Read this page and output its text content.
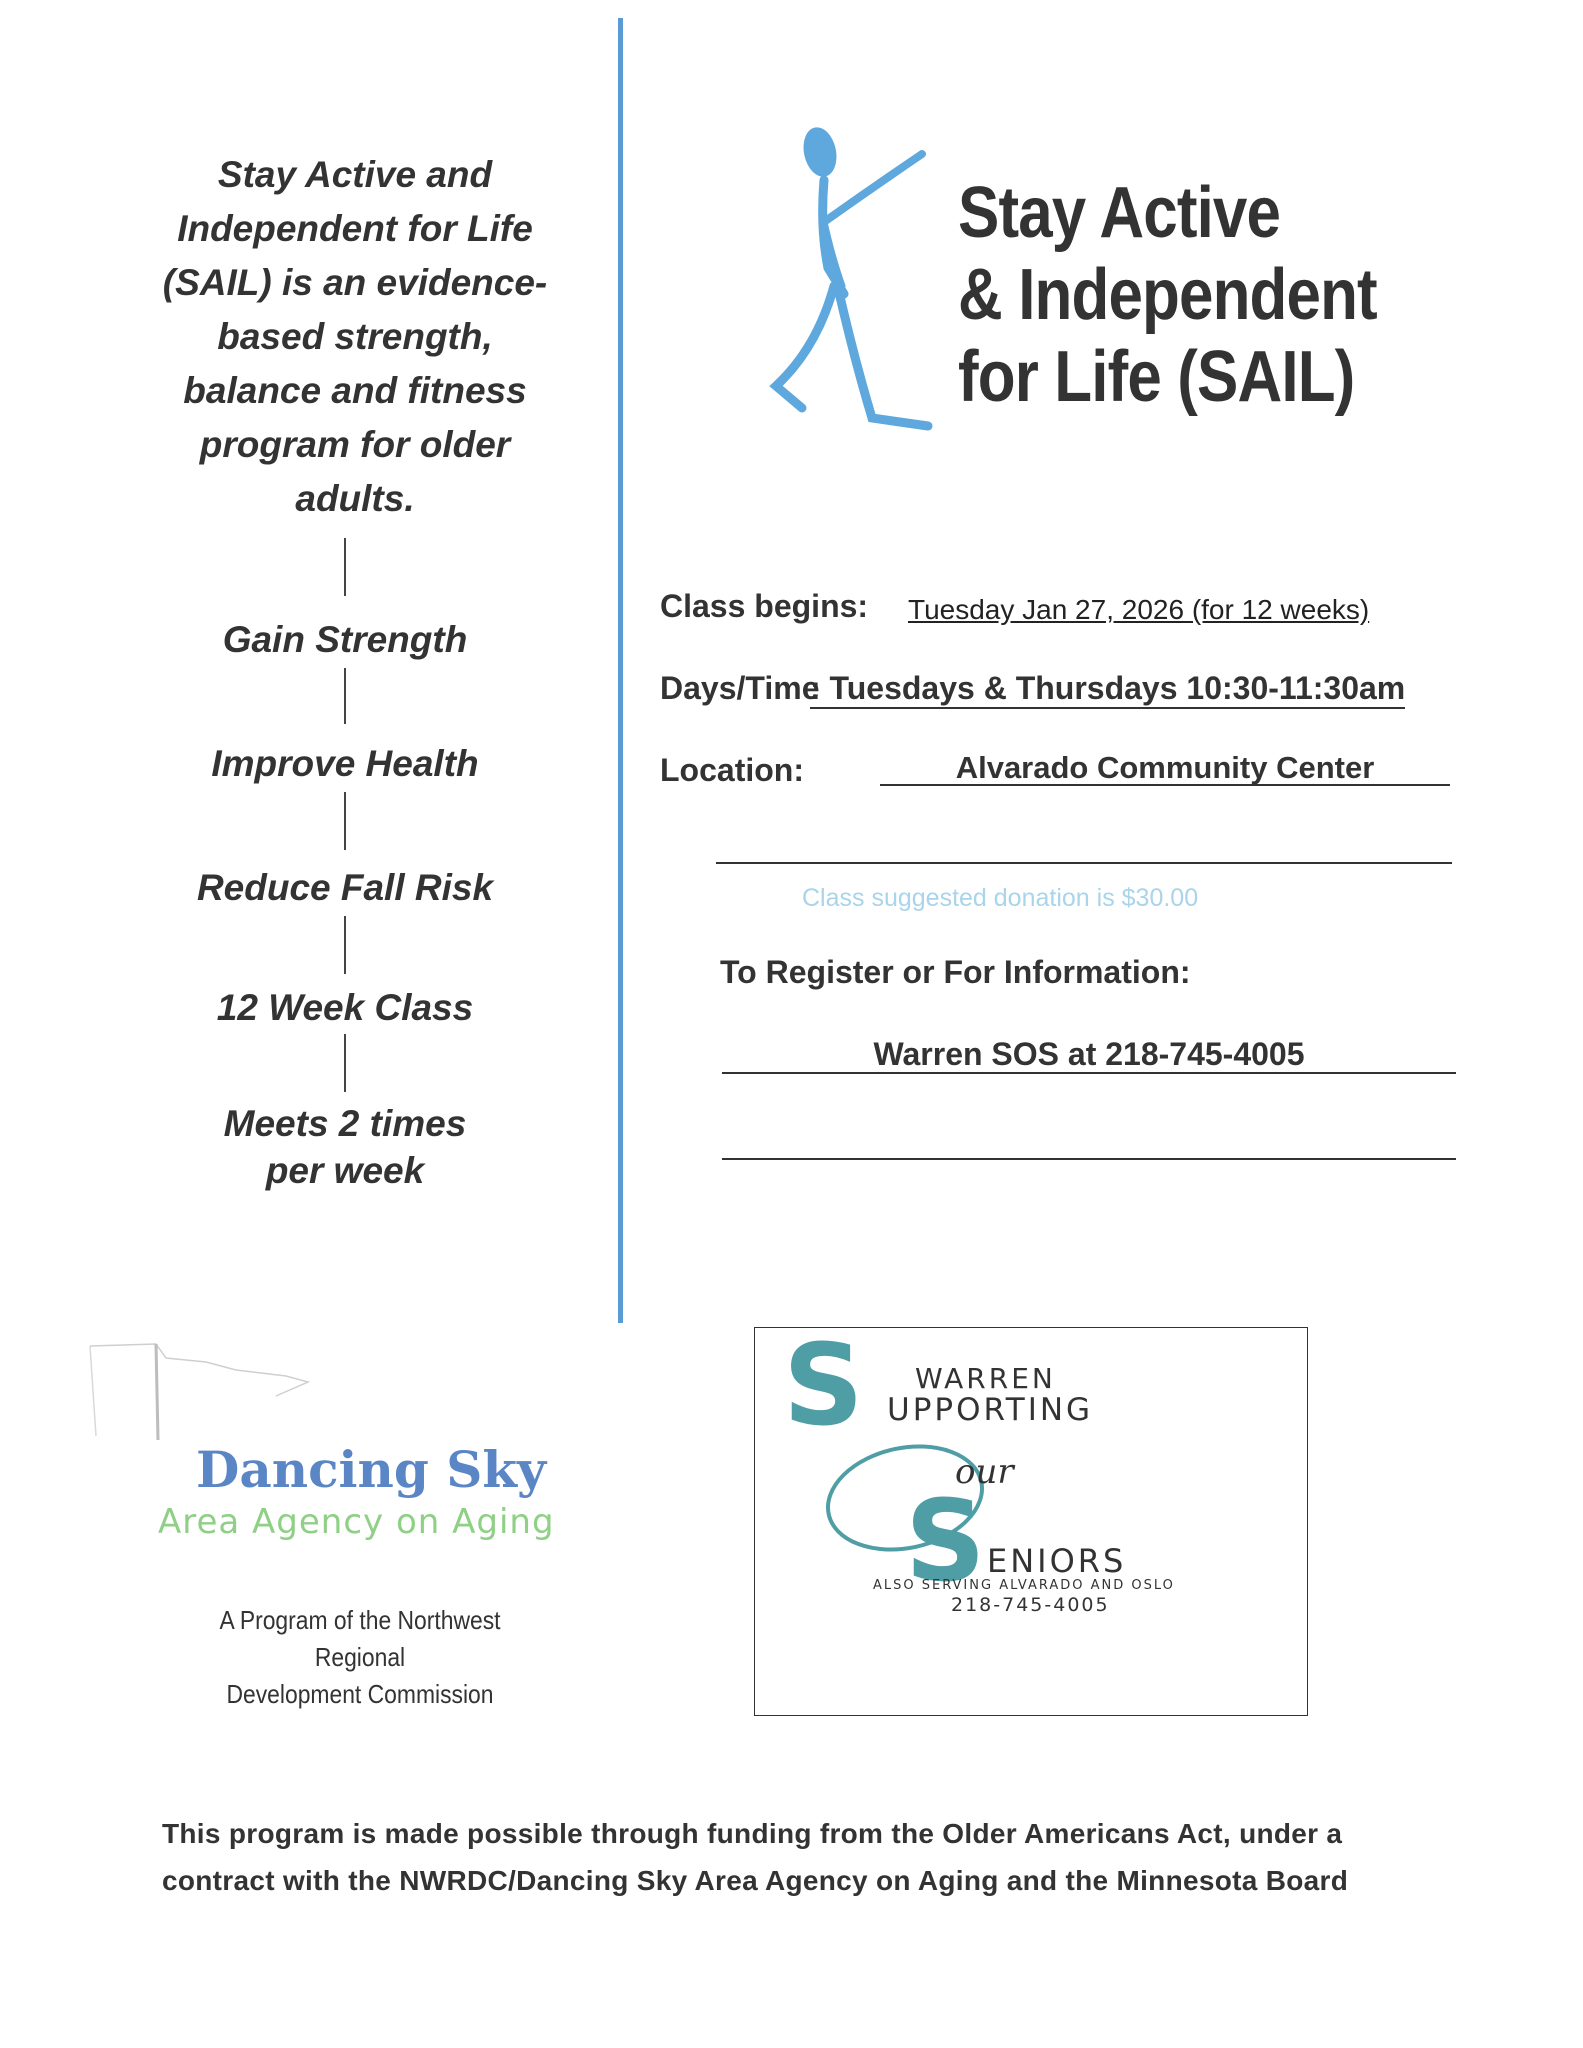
Stay Active and
Independent for Life
(SAIL) is an evidence-
based strength,
balance and fitness
program for older
adults.
Gain Strength
Improve Health
Reduce Fall Risk
12 Week Class
Meets 2 times
per week
Stay Active
& Independent
for Life (SAIL)
Class begins: Tuesday Jan 27, 2026 (for 12 weeks)
Days/Time
: Tuesdays & Thursdays 10:30-11:30am
Location:	Alvarado Community Center
Class suggested donation is $30.00
To Register or For Information:
Warren SOS at 218-745-4005
S
S
WARREN
UPPORTING
our
ENIORS
ALSO SERVING ALVARADO AND OSLO
218-745-4005
Dancing Sky
Area Agency on Aging
A Program of the Northwest Regional
Development Commission
This program is made possible through funding from the Older Americans Act, under a
contract with the NWRDC/Dancing Sky Area Agency on Aging and the Minnesota Board
